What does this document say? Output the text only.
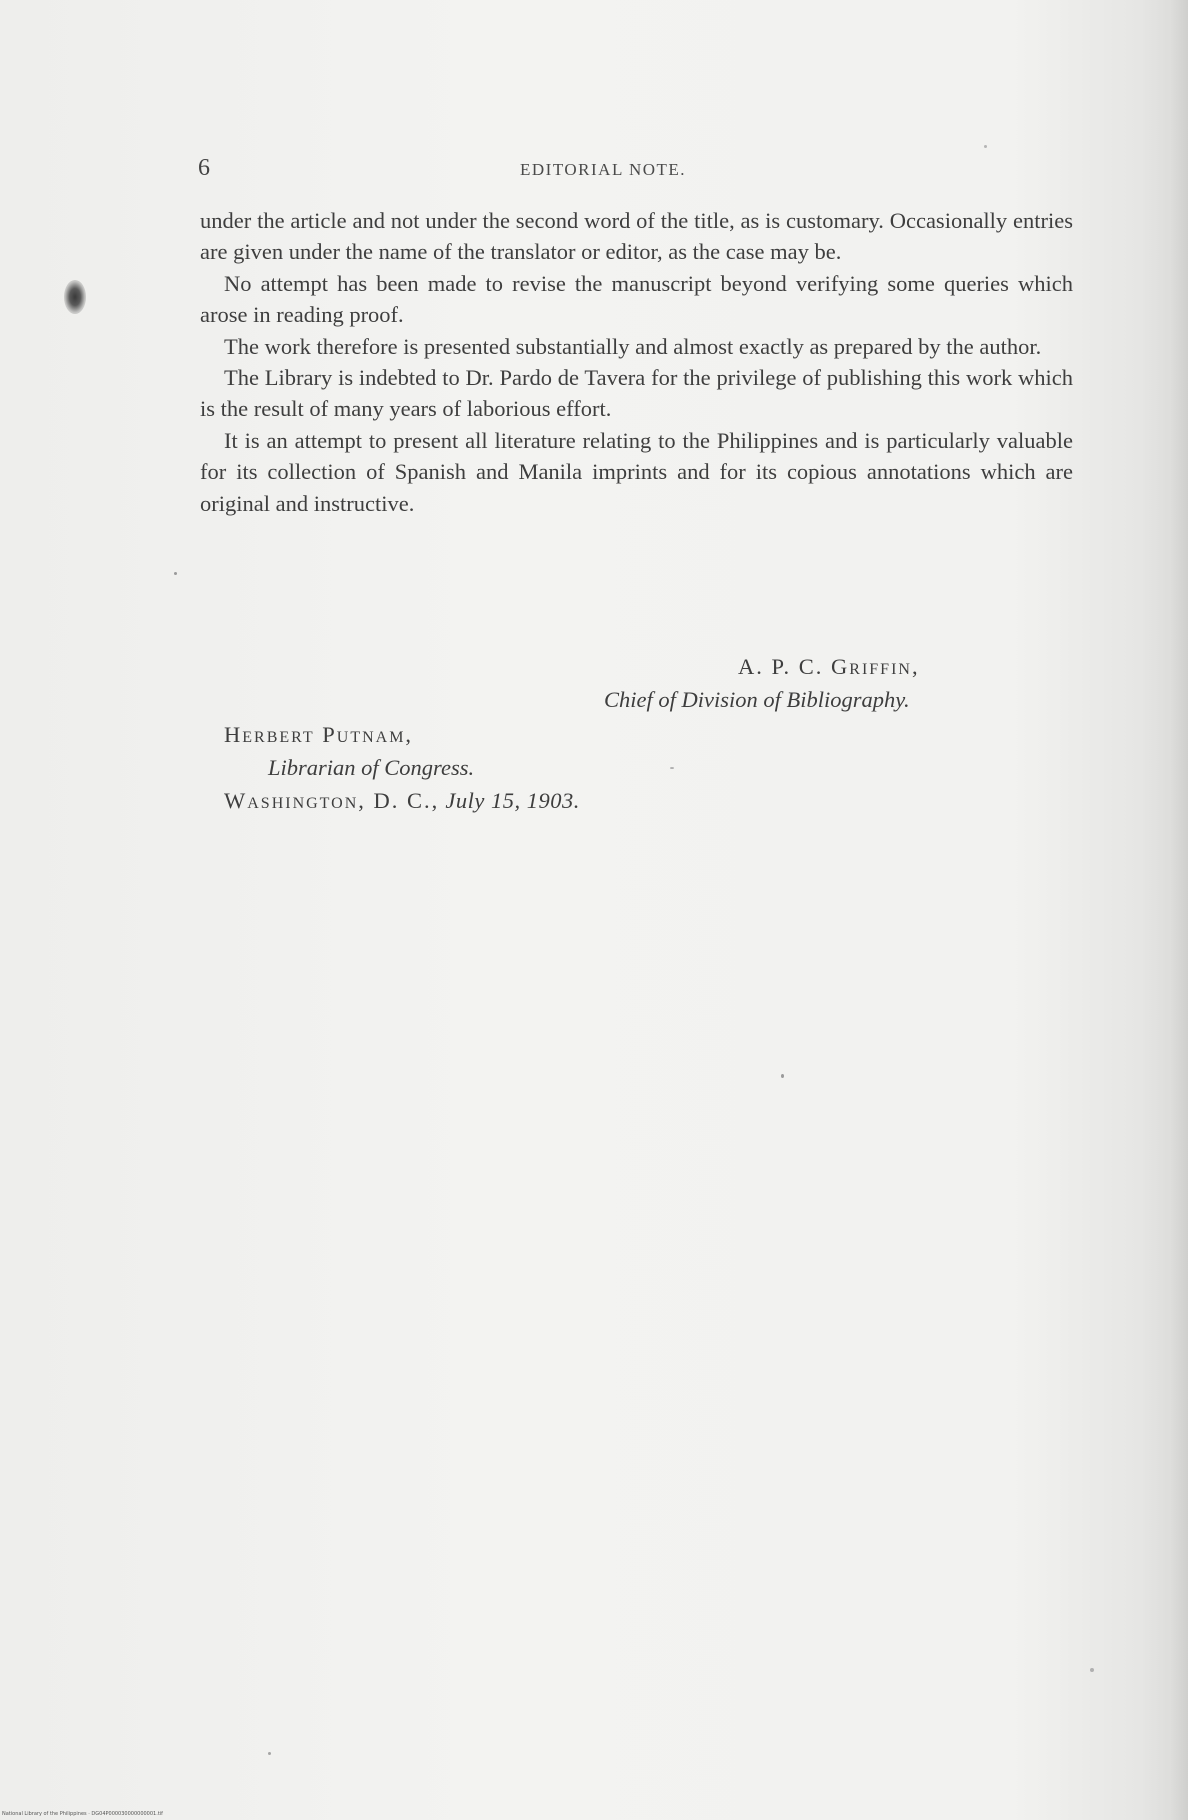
6	EDITORIAL NOTE.

under the article and not under the second word of the title, as is customary. Occasionally entries are given under the name of the translator or editor, as the case may be.

No attempt has been made to revise the manuscript beyond verifying some queries which arose in reading proof.

The work therefore is presented substantially and almost exactly as prepared by the author.

The Library is indebted to Dr. Pardo de Tavera for the privilege of publishing this work which is the result of many years of laborious effort.

It is an attempt to present all literature relating to the Philippines and is particularly valuable for its collection of Spanish and Manila imprints and for its copious annotations which are original and instructive.

A. P. C. Griffin,
Chief of Division of Bibliography.
Herbert Putnam,
Librarian of Congress.
Washington, D. C., July 15, 1903.
National Library of the Philippines · DG04P000030000000001.tif
